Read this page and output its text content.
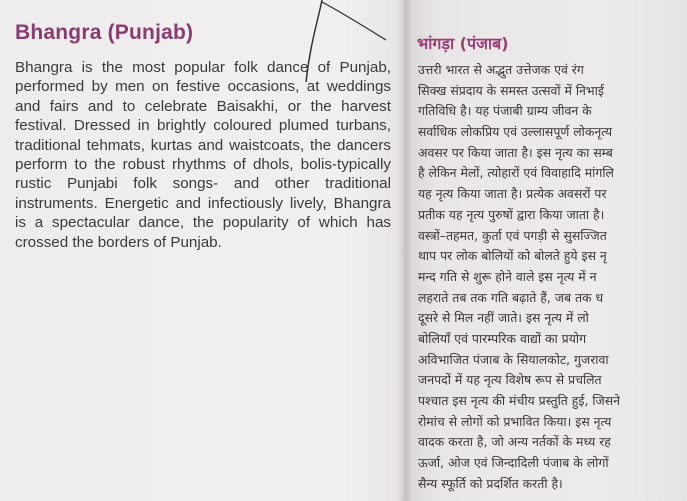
Bhangra (Punjab)

Bhangra is the most popular folk dance of Punjab, performed by men on festive occasions, at weddings and fairs and to celebrate Baisakhi, or the harvest festival. Dressed in brightly coloured plumed turbans, traditional tehmats, kurtas and waistcoats, the dancers perform to the robust rhythms of dhols, bolis-typically rustic Punjabi folk songs- and other traditional instruments. Energetic and infectiously lively, Bhangra is a spectacular dance, the popularity of which has crossed the borders of Punjab.

भांगड़ा (पंजाब)
उत्तरी भारत से अद्भुत उत्तेजक एवं रंग
सिक्ख संप्रदाय के समस्त उत्सवों में निभाई
गतिविधि है। यह पंजाबी ग्राम्य जीवन के
सर्वाधिक लोकप्रिय एवं उल्लासपूर्ण लोकनृत्य
अवसर पर किया जाता है। इस नृत्य का सम्ब
है लेकिन मेलों, त्योहारों एवं विवाहादि मांगलि
यह नृत्य किया जाता है। प्रत्येक अवसरों पर
प्रतीक यह नृत्य पुरुषों द्वारा किया जाता है।
वस्त्रों–तहमत, कुर्ता एवं पगड़ी से सुसज्जित
थाप पर लोक बोलियों को बोलते हुये इस नृ
मन्द गति से शुरू होने वाले इस नृत्य में न
लहराते तब तक गति बढ़ाते हैं, जब तक ध
दूसरे से मिल नहीं जाते। इस नृत्य में लो
बोलियाँ एवं पारम्परिक वाद्यों का प्रयोग
अविभाजित पंजाब के सियालकोट, गुजरावा
जनपदों में यह नृत्य विशेष रूप से प्रचलित
पश्चात इस नृत्य की मंचीय प्रस्तुति हुई, जिसने
रोमांच से लोगों को प्रभावित किया। इस नृत्य
वादक करता है, जो अन्य नर्तकों के मध्य रह
ऊर्जा, ओज एवं जिन्दादिली पंजाब के लोगों
सैन्य स्फूर्ति को प्रदर्शित करती है।
